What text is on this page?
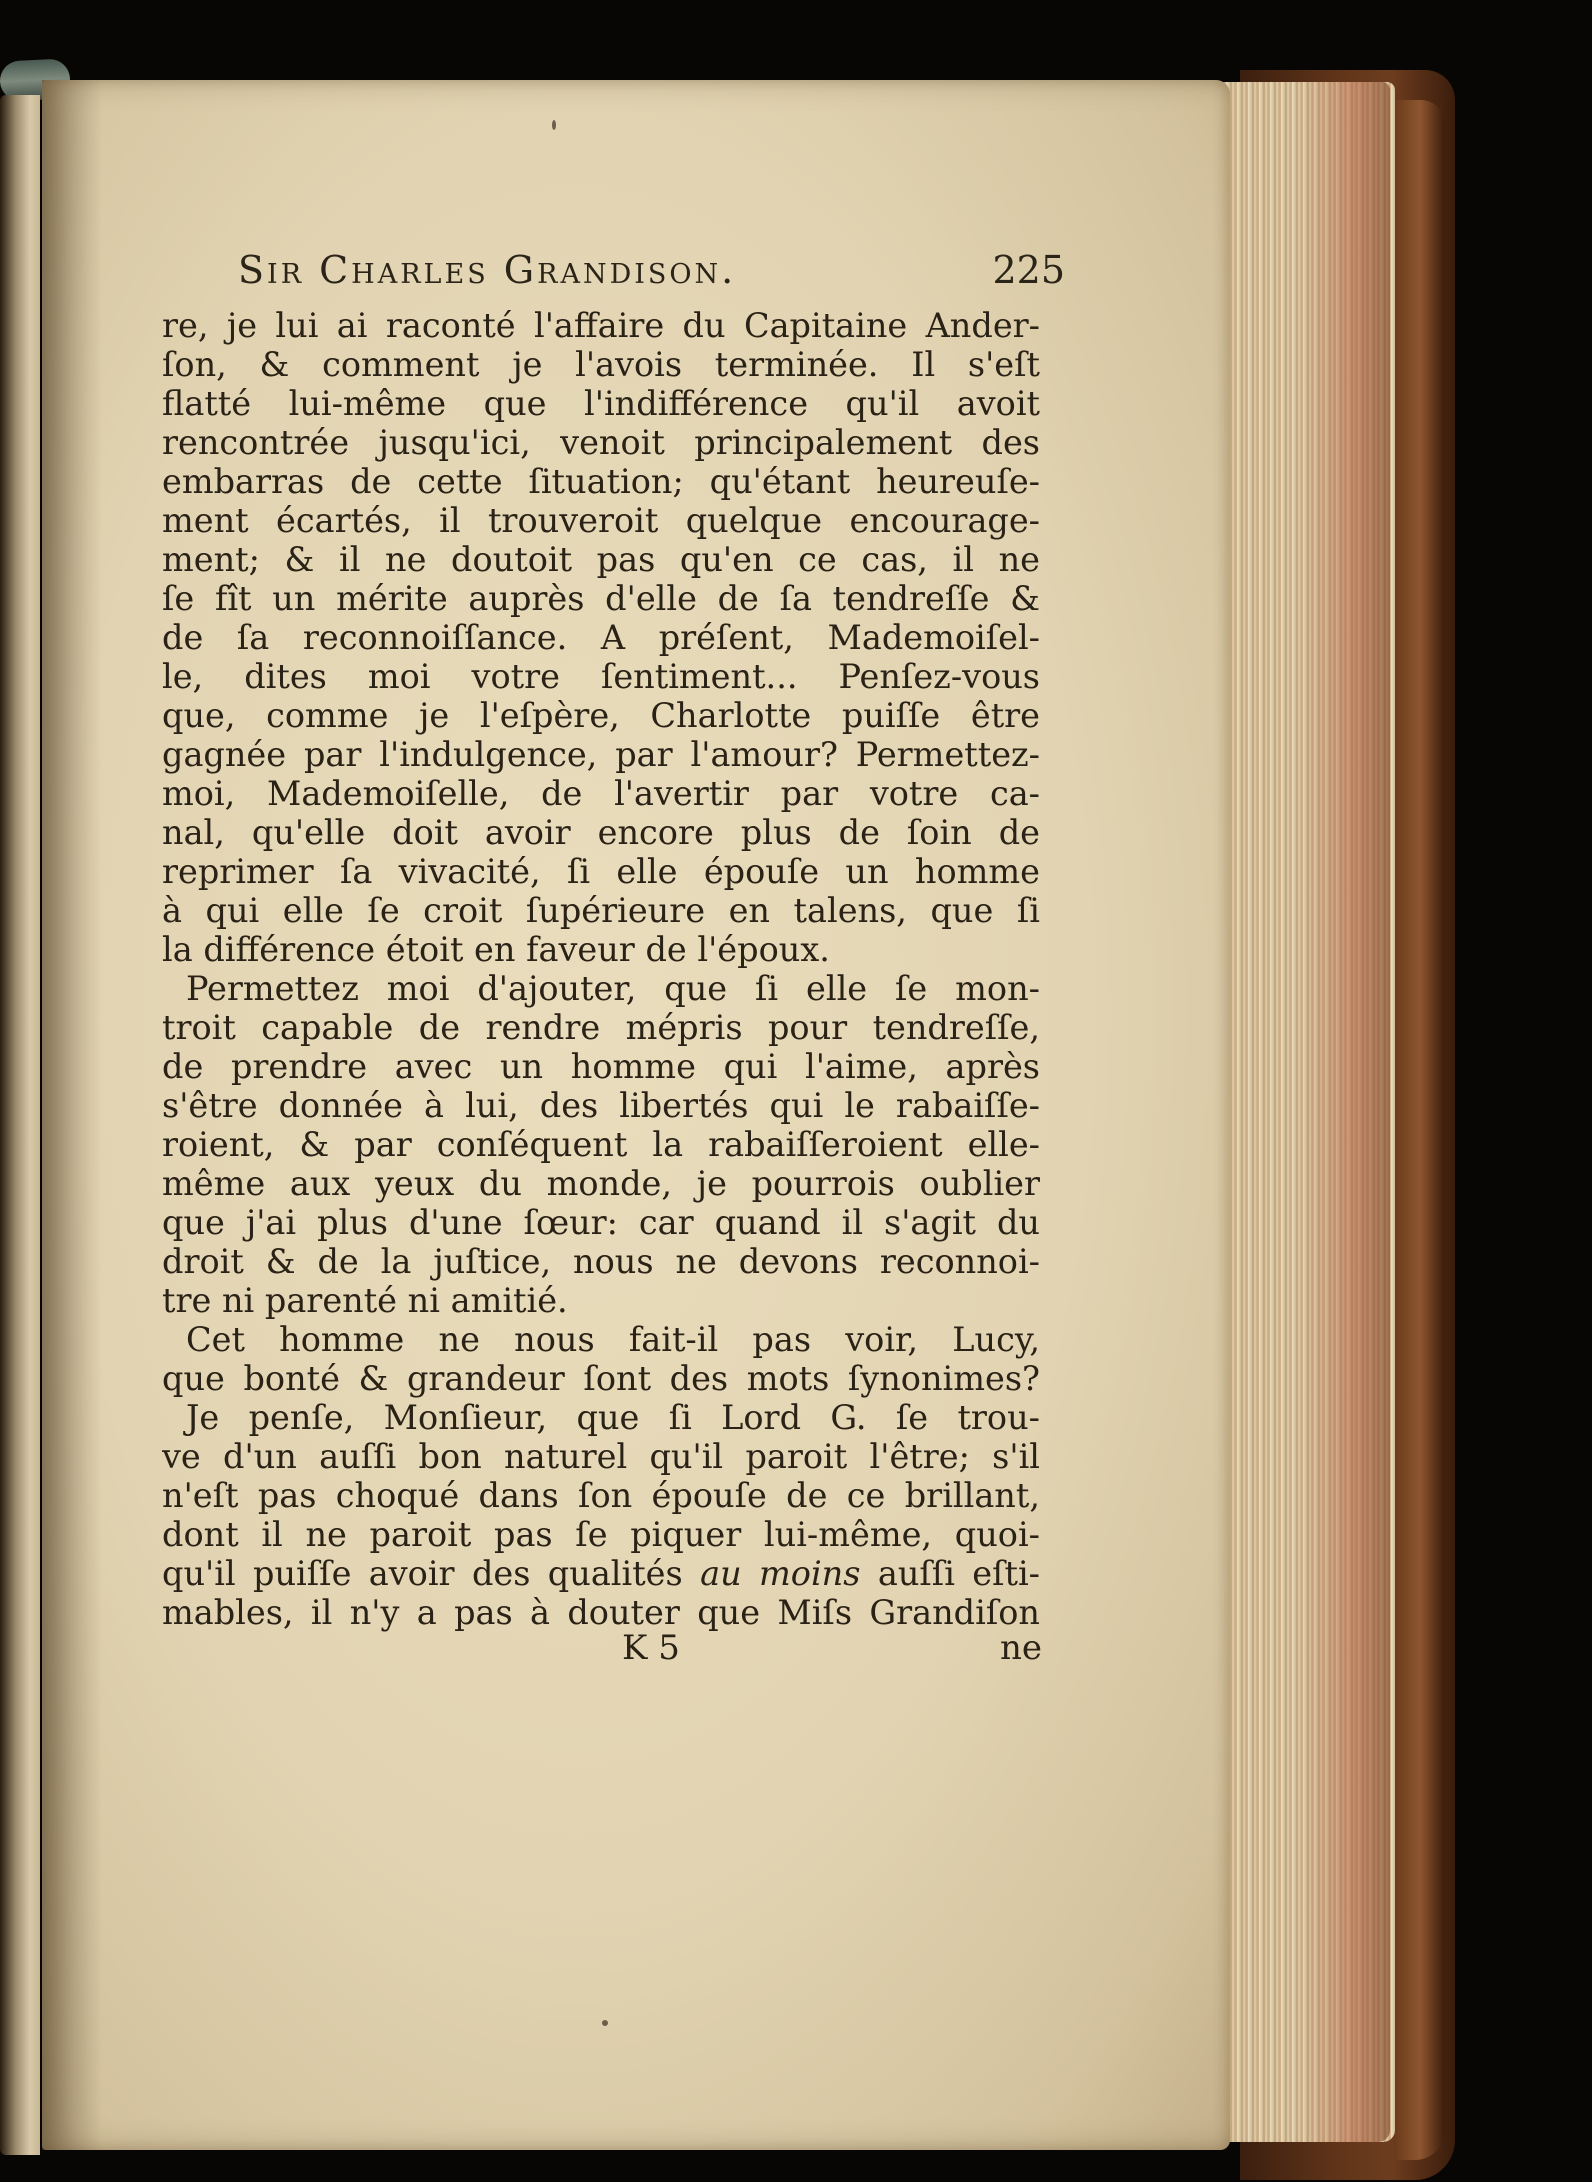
Sir Charles Grandison.	225
re, je lui ai raconté l'affaire du Capitaine Ander-
ſon, & comment je l'avois terminée. Il s'eſt
flatté lui-même que l'indifférence qu'il avoit
rencontrée jusqu'ici, venoit principalement des
embarras de cette ſituation; qu'étant heureuſe-
ment écartés, il trouveroit quelque encourage-
ment; & il ne doutoit pas qu'en ce cas, il ne
ſe fît un mérite auprès d'elle de ſa tendreſſe &
de ſa reconnoiſſance. A préſent, Mademoiſel-
le, dites moi votre ſentiment... Penſez-vous
que, comme je l'eſpère, Charlotte puiſſe être
gagnée par l'indulgence, par l'amour? Permettez-
moi, Mademoiſelle, de l'avertir par votre ca-
nal, qu'elle doit avoir encore plus de ſoin de
reprimer ſa vivacité, ſi elle épouſe un homme
à qui elle ſe croit ſupérieure en talens, que ſi
la différence étoit en faveur de l'époux.
Permettez moi d'ajouter, que ſi elle ſe mon-
troit capable de rendre mépris pour tendreſſe,
de prendre avec un homme qui l'aime, après
s'être donnée à lui, des libertés qui le rabaiſſe-
roient, & par conſéquent la rabaiſſeroient elle-
même aux yeux du monde, je pourrois oublier
que j'ai plus d'une ſœur: car quand il s'agit du
droit & de la juſtice, nous ne devons reconnoi-
tre ni parenté ni amitié.
Cet homme ne nous fait-il pas voir, Lucy,
que bonté & grandeur ſont des mots ſynonimes?
Je penſe, Monſieur, que ſi Lord G. ſe trou-
ve d'un auſſi bon naturel qu'il paroit l'être; s'il
n'eſt pas choqué dans ſon épouſe de ce brillant,
dont il ne paroit pas ſe piquer lui-même, quoi-
qu'il puiſſe avoir des qualités au moins auſſi eſti-
mables, il n'y a pas à douter que Miſs Grandiſon
K 5	ne
